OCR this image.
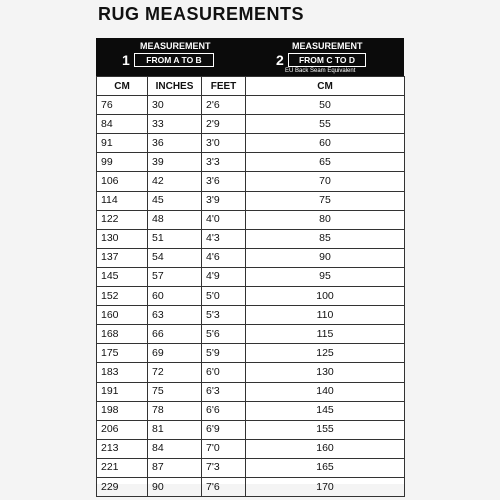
RUG MEASUREMENTS
1
MEASUREMENT
FROM A TO B	2
MEASUREMENT
FROM C TO D
EU Back Seam Equivalent
CM	INCHES	FEET	CM
76	30	2'6	50
84	33	2'9	55
91	36	3'0	60
99	39	3'3	65
106	42	3'6	70
114	45	3'9	75
122	48	4'0	80
130	51	4'3	85
137	54	4'6	90
145	57	4'9	95
152	60	5'0	100
160	63	5'3	110
168	66	5'6	115
175	69	5'9	125
183	72	6'0	130
191	75	6'3	140
198	78	6'6	145
206	81	6'9	155
213	84	7'0	160
221	87	7'3	165
229	90	7'6	170
